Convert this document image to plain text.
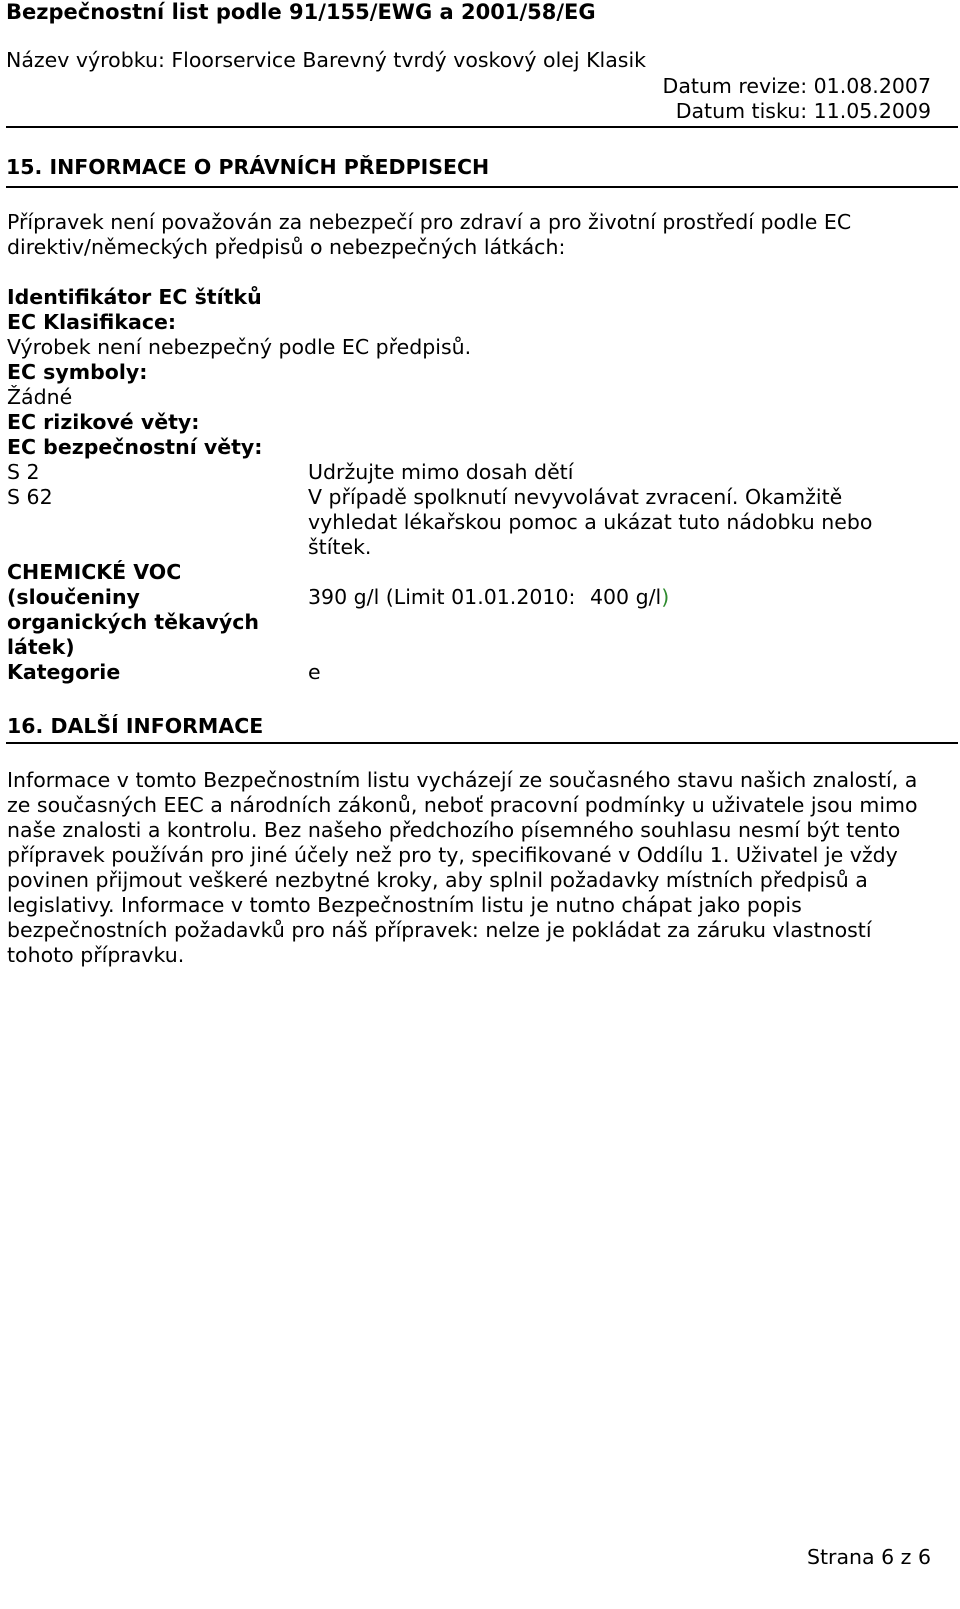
Bezpečnostní list podle 91/155/EWG a 2001/58/EG
Název výrobku: Floorservice Barevný tvrdý voskový olej Klasik
Datum revize: 01.08.2007
Datum tisku: 11.05.2009
15. INFORMACE O PRÁVNÍCH PŘEDPISECH
Přípravek není považován za nebezpečí pro zdraví a pro životní prostředí podle EC
direktiv/německých předpisů o nebezpečných látkách:
Identifikátor EC štítků
EC Klasifikace:
Výrobek není nebezpečný podle EC předpisů.
EC symboly:
Žádné
EC rizikové věty:
EC bezpečnostní věty:
S 2	Udržujte mimo dosah dětí
S 62	V případě spolknutí nevyvolávat zvracení. Okamžitě
vyhledat lékařskou pomoc a ukázat tuto nádobku nebo
štítek.
CHEMICKÉ VOC
(sloučeniny	390 g/l (Limit 01.01.2010: 400 g/l)
organických těkavých
látek)
Kategorie	e
16. DALŠÍ INFORMACE
Informace v tomto Bezpečnostním listu vycházejí ze současného stavu našich znalostí, a
ze současných EEC a národních zákonů, neboť pracovní podmínky u uživatele jsou mimo
naše znalosti a kontrolu. Bez našeho předchozího písemného souhlasu nesmí být tento
přípravek používán pro jiné účely než pro ty, specifikované v Oddílu 1. Uživatel je vždy
povinen přijmout veškeré nezbytné kroky, aby splnil požadavky místních předpisů a
legislativy. Informace v tomto Bezpečnostním listu je nutno chápat jako popis
bezpečnostních požadavků pro náš přípravek: nelze je pokládat za záruku vlastností
tohoto přípravku.
Strana 6 z 6
